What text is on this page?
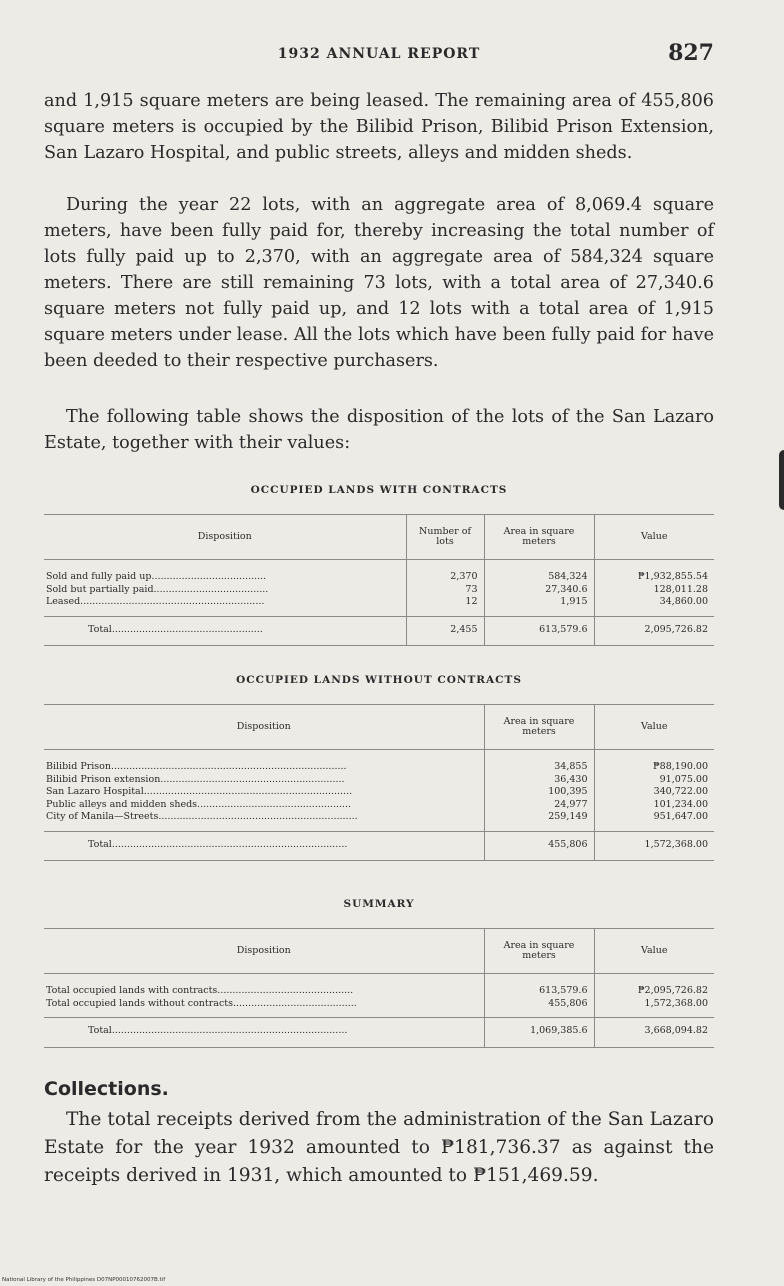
1932 ANNUAL REPORT	827

and 1,915 square meters are being leased. The remaining area of 455,806 square meters is occupied by the Bilibid Prison, Bilibid Prison Extension, San Lazaro Hospital, and public streets, alleys and midden sheds.

During the year 22 lots, with an aggregate area of 8,069.4 square meters, have been fully paid for, thereby increasing the total number of lots fully paid up to 2,370, with an aggregate area of 584,324 square meters. There are still remaining 73 lots, with a total area of 27,340.6 square meters not fully paid up, and 12 lots with a total area of 1,915 square meters under lease. All the lots which have been fully paid for have been deeded to their respective purchasers.

The following table shows the disposition of the lots of the San Lazaro Estate, together with their values:

OCCUPIED LANDS WITH CONTRACTS
Disposition	Number of lots	Area in square meters	Value
Sold and fully paid up......................................	2,370	584,324	₱1,932,855.54
Sold but partially paid......................................	73	27,340.6	128,011.28
Leased.............................................................	12	1,915	34,860.00
Total..................................................	2,455	613,579.6	2,095,726.82
OCCUPIED LANDS WITHOUT CONTRACTS
Disposition	Area in square meters	Value
Bilibid Prison..............................................................................	34,855	₱88,190.00
Bilibid Prison extension.............................................................	36,430	91,075.00
San Lazaro Hospital.....................................................................	100,395	340,722.00
Public alleys and midden sheds...................................................	24,977	101,234.00
City of Manila—Streets..................................................................	259,149	951,647.00
Total..............................................................................	455,806	1,572,368.00
SUMMARY
Disposition	Area in square meters	Value
Total occupied lands with contracts.............................................	613,579.6	₱2,095,726.82
Total occupied lands without contracts.........................................	455,806	1,572,368.00
Total..............................................................................	1,069,385.6	3,668,094.82
Collections.

The total receipts derived from the administration of the San Lazaro Estate for the year 1932 amounted to ₱181,736.37 as against the receipts derived in 1931, which amounted to ₱151,469.59.

National Library of the Philippines D07NP00010762007B.tif
